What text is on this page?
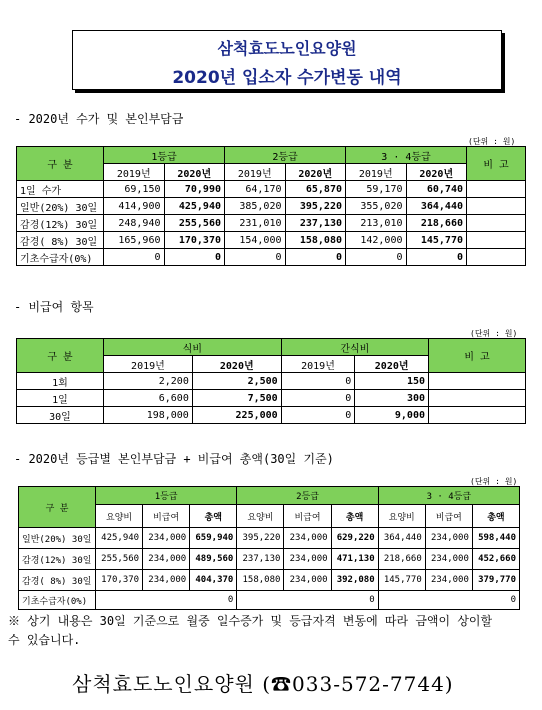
삼척효도노인요양원
2020년 입소자 수가변동 내역
- 2020년 수가 및 본인부담금
(단위 : 원)
구 분	1등급		2등급		3 · 4등급		비 고
	2019년	2020년	2019년	2020년	2019년	2020년	
1일 수가	69,150	70,990	64,170	65,870	59,170	60,740	
일반(20%) 30일	414,900	425,940	385,020	395,220	355,020	364,440	
감경(12%) 30일	248,940	255,560	231,010	237,130	213,010	218,660	
감경( 8%) 30일	165,960	170,370	154,000	158,080	142,000	145,770	
기초수급자(0%)	0	0	0	0	0	0	
- 비급여 항목
(단위 : 원)
구 분	식비		간식비		비 고
	2019년	2020년	2019년	2020년	
1회	2,200	2,500	0	150	
1일	6,600	7,500	0	300	
30일	198,000	225,000	0	9,000	
- 2020년 등급별 본인부담금 + 비급여 총액(30일 기준)
(단위 : 원)
구 분	1등급			2등급			3 · 4등급		
	요양비	비급여	총액	요양비	비급여	총액	요양비	비급여	총액
일반(20%) 30일	425,940	234,000	659,940	395,220	234,000	629,220	364,440	234,000	598,440
감경(12%) 30일	255,560	234,000	489,560	237,130	234,000	471,130	218,660	234,000	452,660
감경( 8%) 30일	170,370	234,000	404,370	158,080	234,000	392,080	145,770	234,000	379,770
기초수급자(0%)	0			0			0		
※ 상기 내용은 30일 기준으로 월중 일수증가 및 등급자격 변동에 따라 금액이 상이할 수 있습니다.
삼척효도노인요양원 (☎033-572-7744)
